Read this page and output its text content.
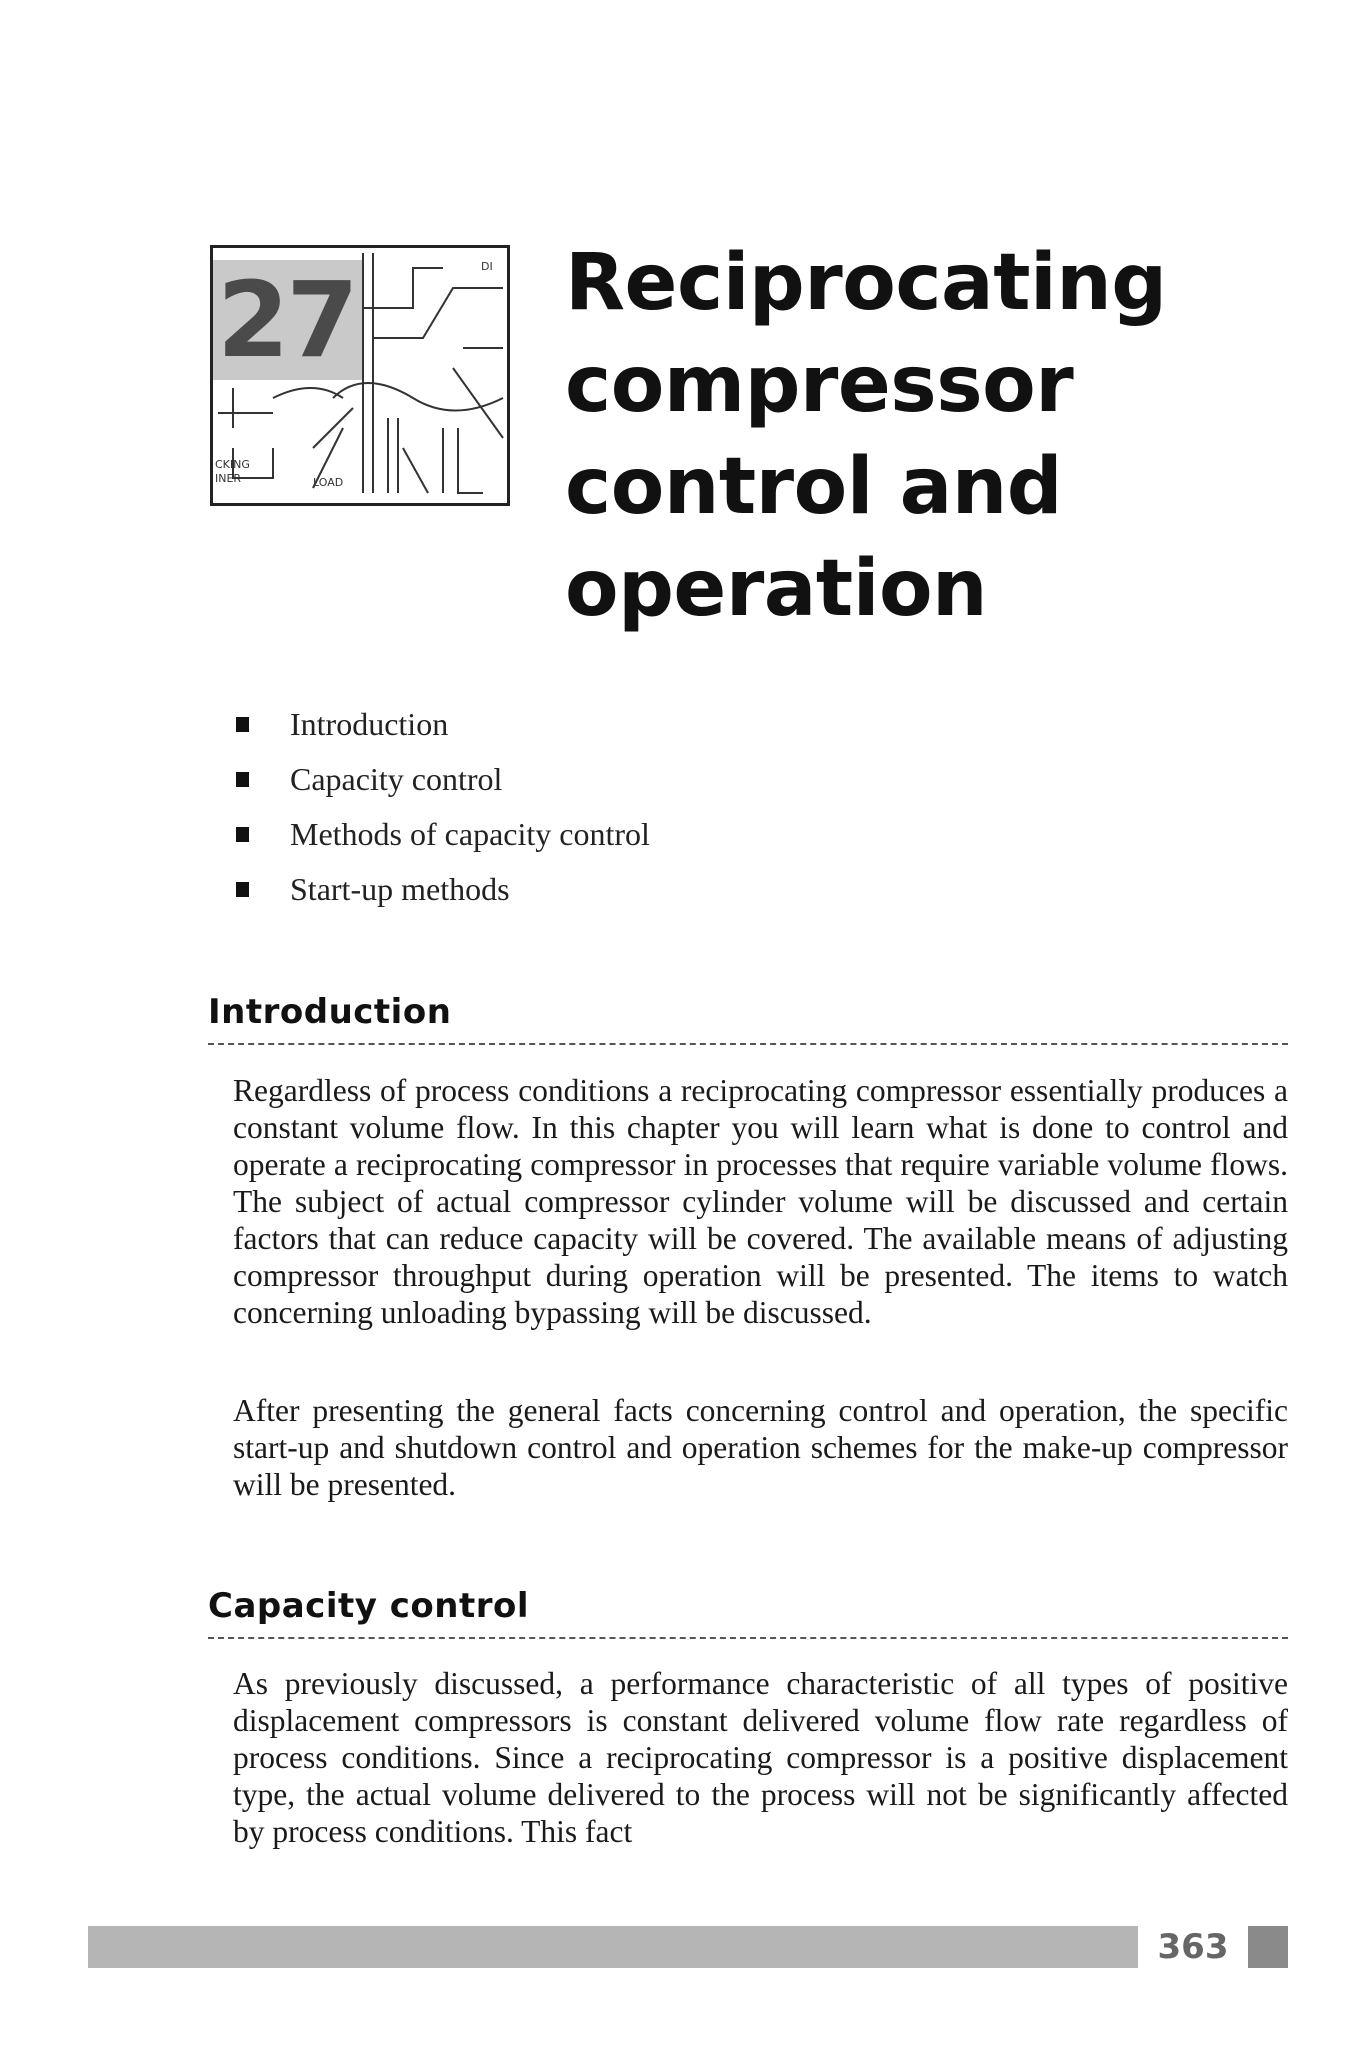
DI
LOAD
CKING
INER
27	Reciprocating
compressor
control and
operation
Introduction
Capacity control
Methods of capacity control
Start-up methods
Introduction

Regardless of process conditions a reciprocating compressor essentially produces a constant volume flow. In this chapter you will learn what is done to control and operate a reciprocating compressor in processes that require variable volume flows. The subject of actual compressor cylinder volume will be discussed and certain factors that can reduce capacity will be covered. The available means of adjusting compressor throughput during operation will be presented. The items to watch concerning unloading bypassing will be discussed.

After presenting the general facts concerning control and operation, the specific start-up and shutdown control and operation schemes for the make-up compressor will be presented.

Capacity control

As previously discussed, a performance characteristic of all types of positive displacement compressors is constant delivered volume flow rate regardless of process conditions. Since a reciprocating compressor is a positive displacement type, the actual volume delivered to the process will not be significantly affected by process conditions. This fact

363
